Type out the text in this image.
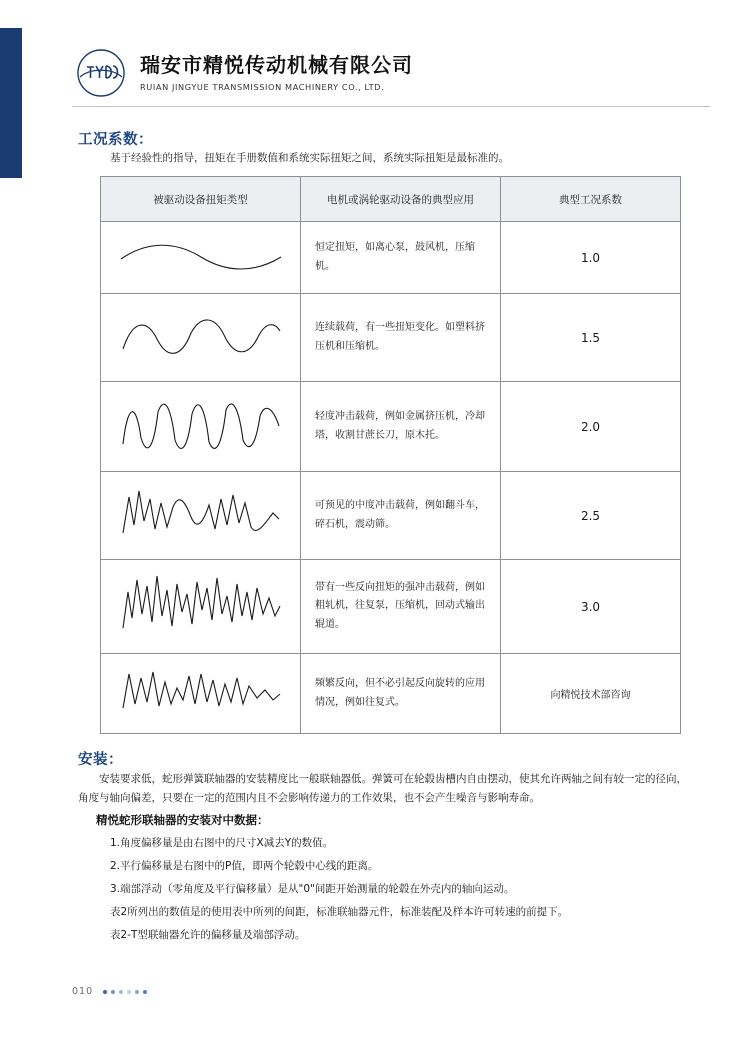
瑞安市精悦传动机械有限公司
RUIAN JINGYUE TRANSMISSION MACHINERY CO., LTD.
工况系数：
基于经验性的指导，扭矩在手册数值和系统实际扭矩之间，系统实际扭矩是最标准的。
被驱动设备扭矩类型	电机或涡轮驱动设备的典型应用	典型工况系数
	恒定扭矩，如离心泵，鼓风机，压缩机。	1.0
	连续载荷，有一些扭矩变化。如塑料挤压机和压缩机。	1.5
	轻度冲击载荷，例如金属挤压机，冷却塔，收割甘蔗长刀，原木托。	2.0
	可预见的中度冲击载荷，例如翻斗车，碎石机，震动筛。	2.5
	带有一些反向扭矩的强冲击载荷，例如粗轧机，往复泵，压缩机，回动式输出辊道。	3.0
	频繁反向，但不必引起反向旋转的应用情况，例如往复式。	向精悦技术部咨询
安装：
安装要求低，蛇形弹簧联轴器的安装精度比一般联轴器低。弹簧可在轮毂齿槽内自由摆动，使其允许两轴之间有较一定的径向，角度与轴向偏差，只要在一定的范围内且不会影响传递力的工作效果，也不会产生噪音与影响寿命。
精悦蛇形联轴器的安装对中数据：
1.角度偏移量是由右图中的尺寸X减去Y的数值。
2.平行偏移量是右图中的P值，即两个轮毂中心线的距离。
3.端部浮动（零角度及平行偏移量）是从"0"间距开始测量的轮毂在外壳内的轴向运动。
表2所列出的数值是的使用表中所列的间距，标准联轴器元件，标准装配及样本许可转速的前提下。
表2-T型联轴器允许的偏移量及端部浮动。
010
